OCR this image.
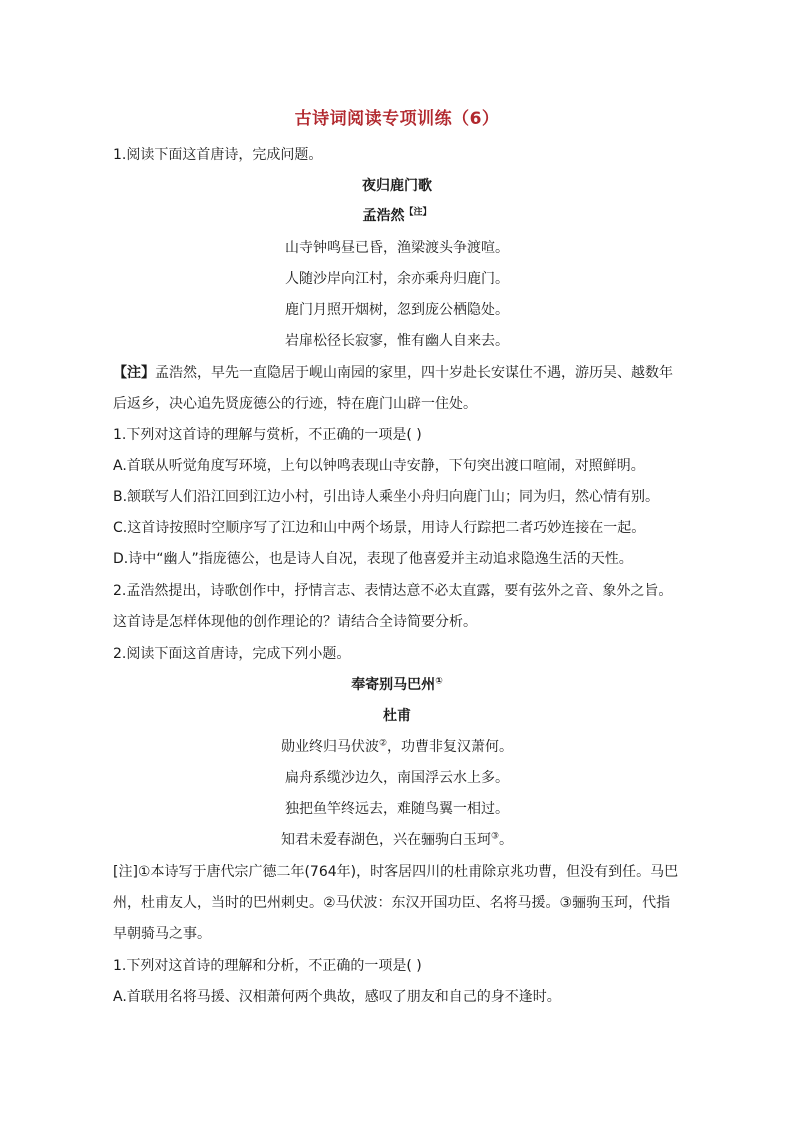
古诗词阅读专项训练（6）
1.阅读下面这首唐诗，完成问题。
夜归鹿门歌
孟浩然$^{【注】}$
山寺钟鸣昼已昏，渔梁渡头争渡喧。
人随沙岸向江村，余亦乘舟归鹿门。
鹿门月照开烟树，忽到庞公栖隐处。
岩扉松径长寂寥，惟有幽人自来去。
【注】孟浩然，早先一直隐居于岘山南园的家里，四十岁赴长安谋仕不遇，游历吴、越数年
后返乡，决心追先贤庞德公的行迹，特在鹿门山辟一住处。
1.下列对这首诗的理解与赏析，不正确的一项是( )
A.首联从听觉角度写环境，上句以钟鸣表现山寺安静，下句突出渡口喧闹，对照鲜明。
B.颔联写人们沿江回到江边小村，引出诗人乘坐小舟归向鹿门山；同为归，然心情有别。
C.这首诗按照时空顺序写了江边和山中两个场景，用诗人行踪把二者巧妙连接在一起。
D.诗中“幽人”指庞德公，也是诗人自况，表现了他喜爱并主动追求隐逸生活的天性。
2.孟浩然提出，诗歌创作中，抒情言志、表情达意不必太直露，要有弦外之音、象外之旨。
这首诗是怎样体现他的创作理论的？请结合全诗简要分析。
2.阅读下面这首唐诗，完成下列小题。
奉寄别马巴州①
杜甫
勋业终归马伏波②，功曹非复汉萧何。
扁舟系缆沙边久，南国浮云水上多。
独把鱼竿终远去，难随鸟翼一相过。
知君未爱春湖色，兴在骊驹白玉珂③。
[注]①本诗写于唐代宗广德二年(764年)，时客居四川的杜甫除京兆功曹，但没有到任。马巴
州，杜甫友人，当时的巴州刺史。②马伏波：东汉开国功臣、名将马援。③骊驹玉珂，代指
早朝骑马之事。
1.下列对这首诗的理解和分析，不正确的一项是( )
A.首联用名将马援、汉相萧何两个典故，感叹了朋友和自己的身不逢时。
